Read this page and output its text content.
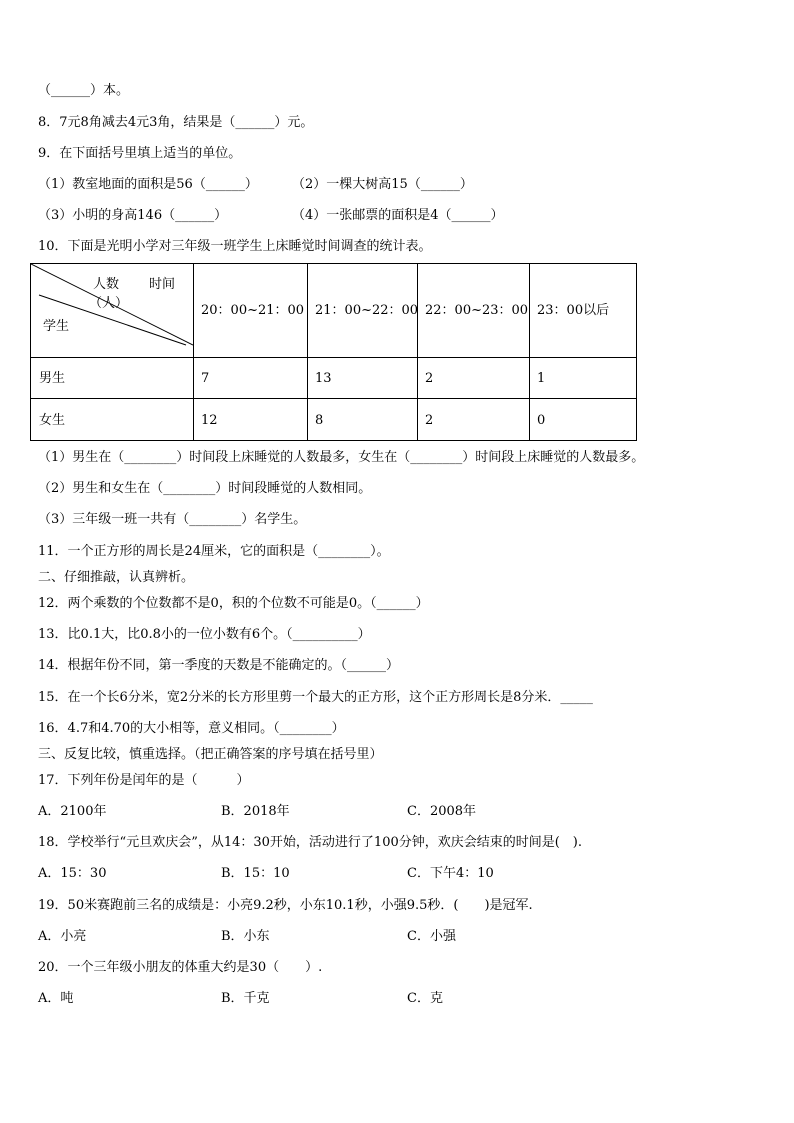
（______）本。
8．7元8角减去4元3角，结果是（______）元。
9．在下面括号里填上适当的单位。
（1）教室地面的面积是56（______）	（2）一棵大树高15（______）
（3）小明的身高146（______）	（4）一张邮票的面积是4（______）
10．下面是光明小学对三年级一班学生上床睡觉时间调查的统计表。
人数 时间
（人）
学生
20：00~21：00 21：00~22：00 22：00~23：00 23：00以后
男生	7	13	2	1
女生	12	8	2	0
（1）男生在（________）时间段上床睡觉的人数最多，女生在（________）时间段上床睡觉的人数最多。
（2）男生和女生在（________）时间段睡觉的人数相同。
（3）三年级一班一共有（________）名学生。
11．一个正方形的周长是24厘米，它的面积是（________）。
二、仔细推敲，认真辨析。
12．两个乘数的个位数都不是0，积的个位数不可能是0。（______）
13．比0.1大，比0.8小的一位小数有6个。（__________）
14．根据年份不同，第一季度的天数是不能确定的。（______）
15．在一个长6分米，宽2分米的长方形里剪一个最大的正方形，这个正方形周长是8分米．_____
16．4.7和4.70的大小相等，意义相同。（________）
三、反复比较，慎重选择。（把正确答案的序号填在括号里）
17．下列年份是闰年的是（　　　）
A．2100年	B．2018年	C．2008年
18．学校举行“元旦欢庆会”，从14：30开始，活动进行了100分钟，欢庆会结束的时间是(　).
A．15：30	B．15：10	C．下午4：10
19．50米赛跑前三名的成绩是：小亮9.2秒，小东10.1秒，小强9.5秒．(　　)是冠军.
A．小亮	B．小东	C．小强
20．一个三年级小朋友的体重大约是30（　　）.
A．吨	B．千克	C．克
